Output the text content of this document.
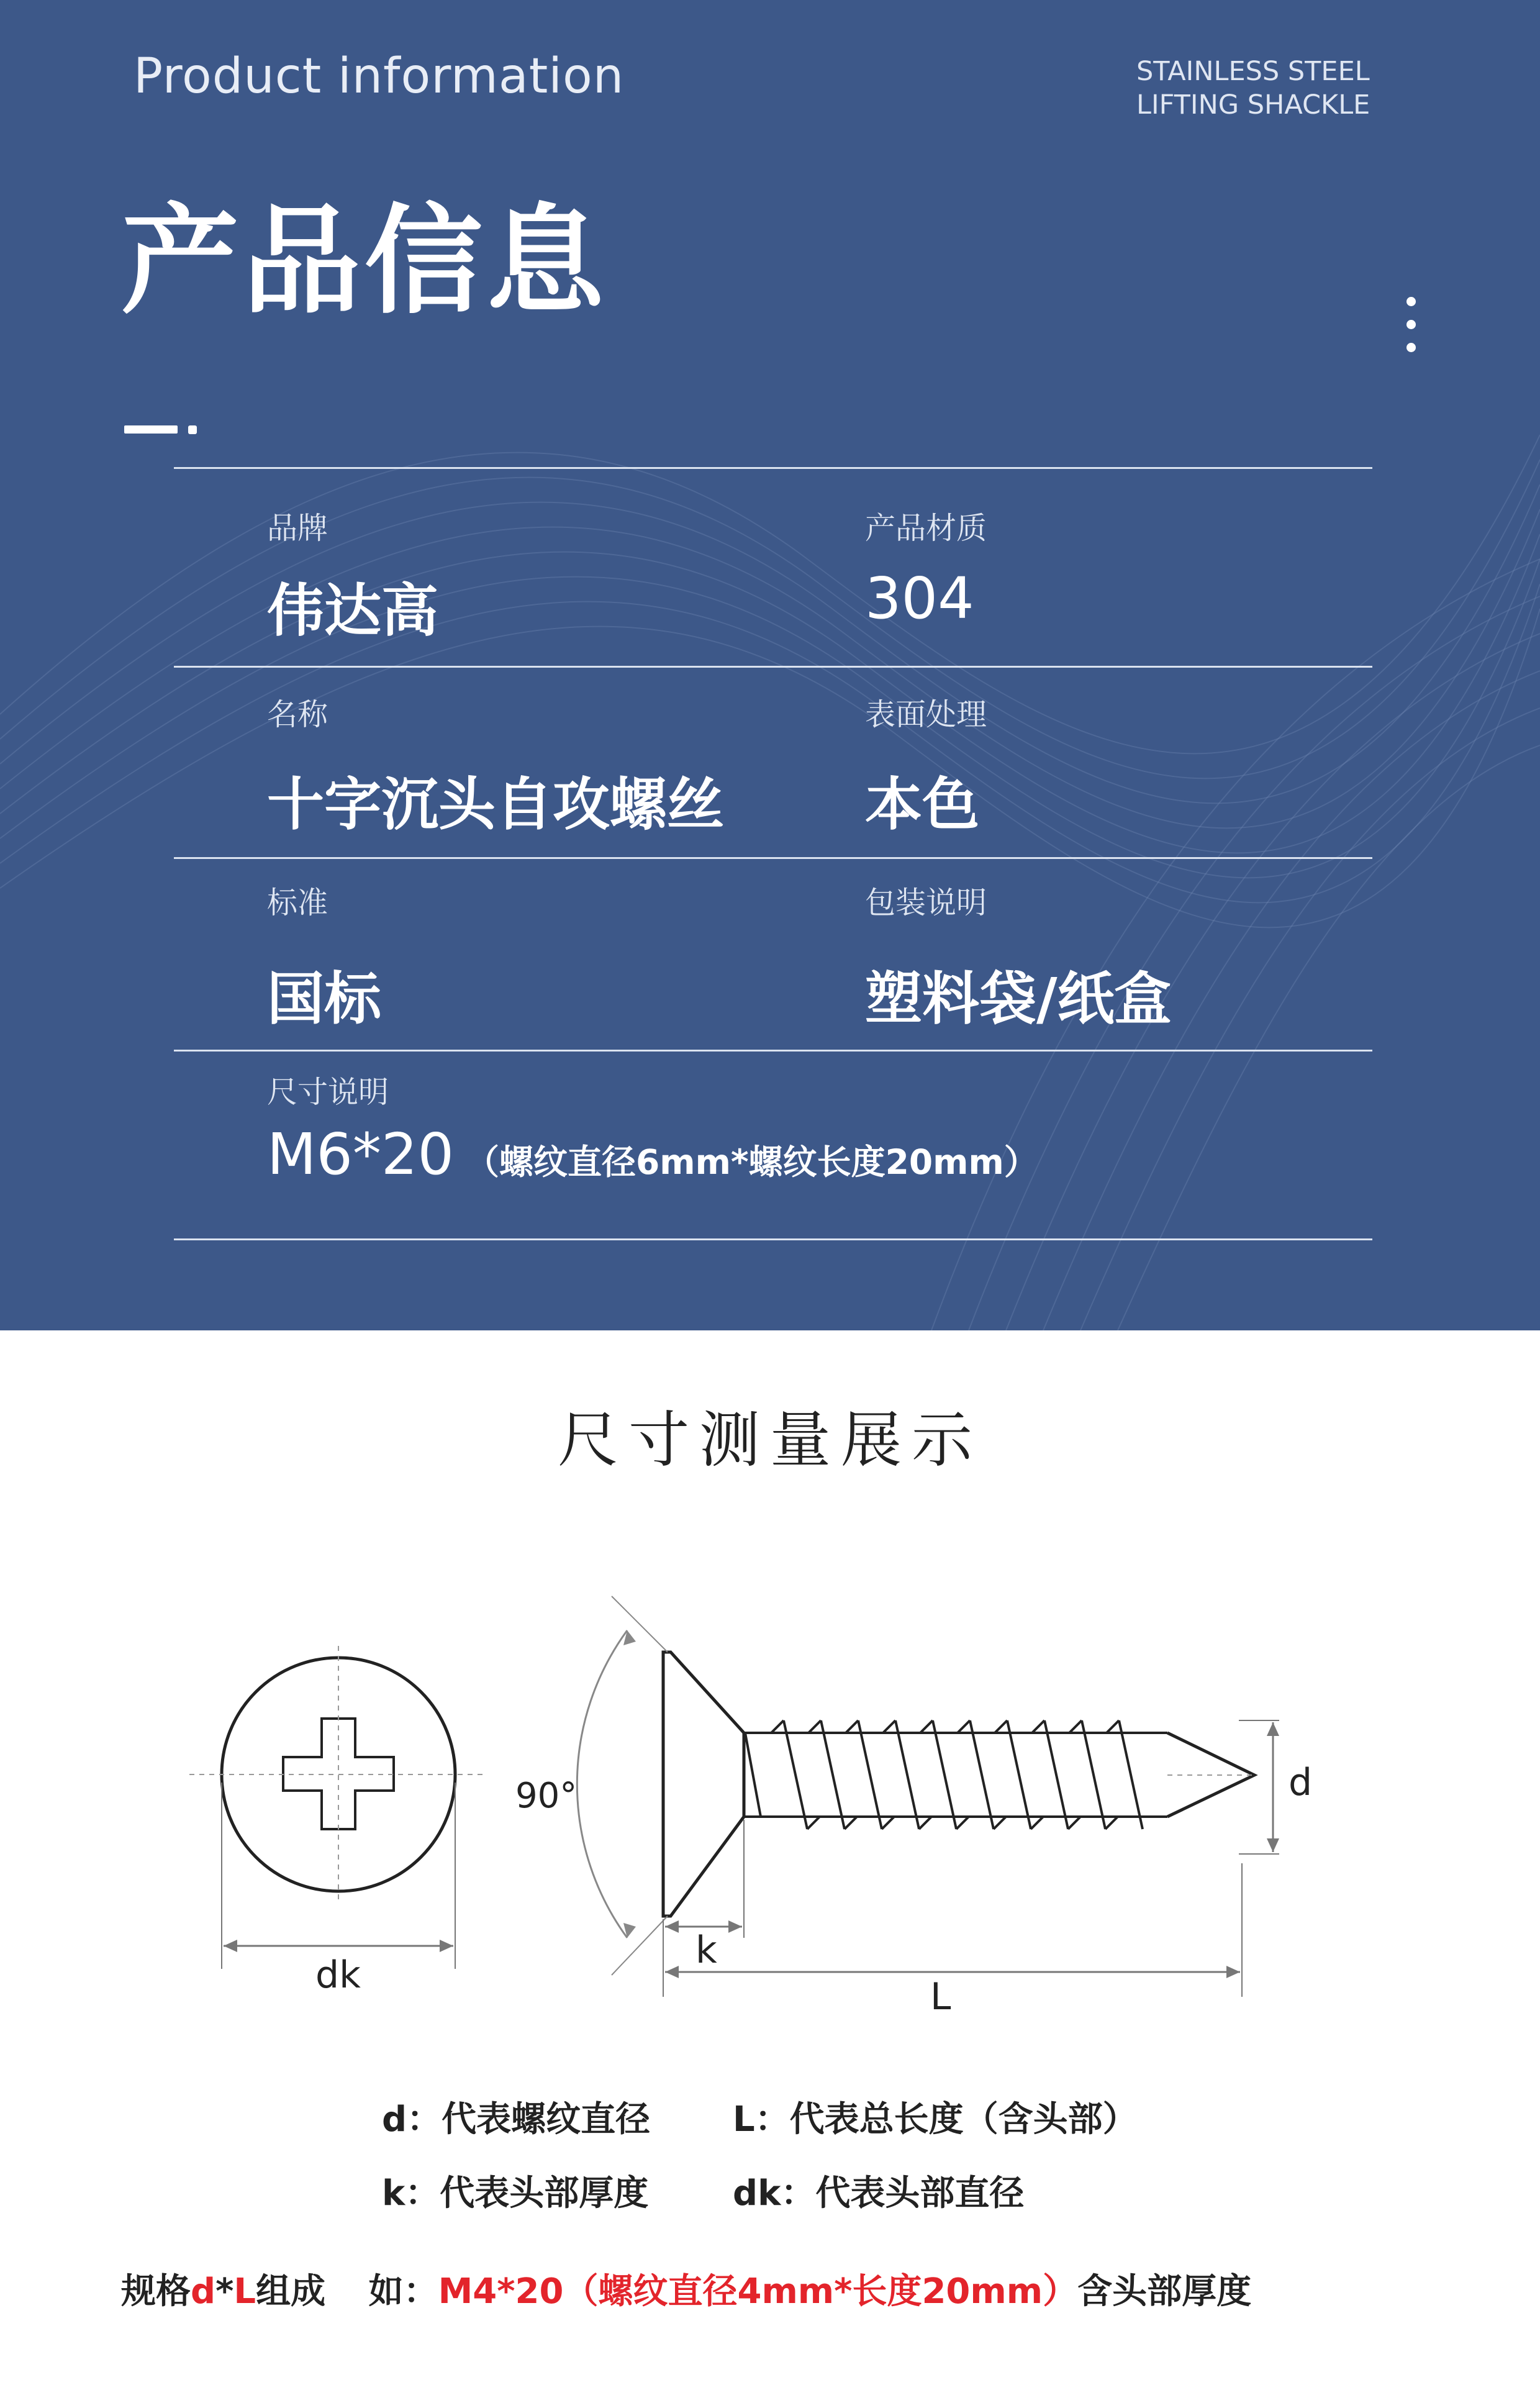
Product information	STAINLESS STEEL
LIFTING SHACKLE
产品信息
品牌
伟达高
产品材质
304
名称
十字沉头自攻螺丝
表面处理
本色
标准
国标
包装说明
塑料袋/纸盒
尺寸说明
M6*20 （螺纹直径6mm*螺纹长度20mm）
尺寸测量展示
90°	d
k
L
dk
d：代表螺纹直径 L：代表总长度（含头部）
k：代表头部厚度 dk：代表头部直径
规格d*L组成 如：M4*20（螺纹直径4mm*长度20mm）含头部厚度
